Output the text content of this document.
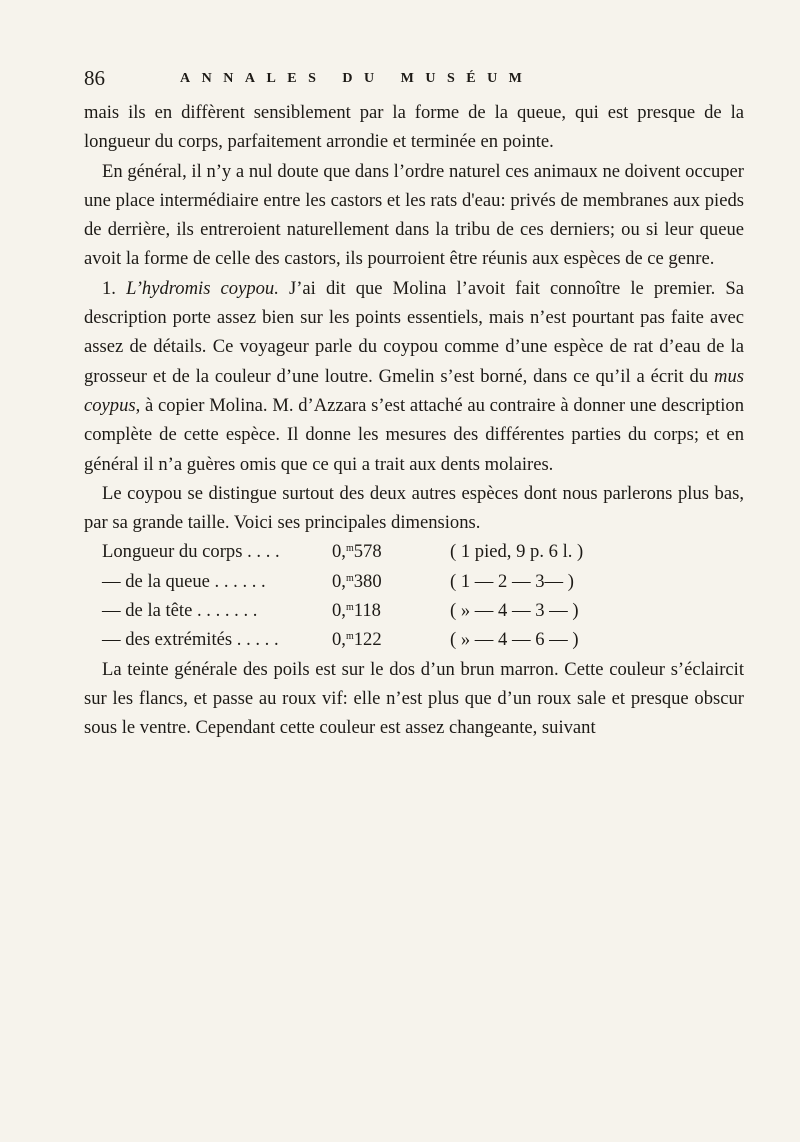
86	ANNALES DU MUSÉUM

mais ils en diffèrent sensiblement par la forme de la queue, qui est presque de la longueur du corps, parfaitement arrondie et terminée en pointe.

En général, il n’y a nul doute que dans l’ordre naturel ces animaux ne doivent occuper une place intermédiaire entre les castors et les rats d'eau: privés de membranes aux pieds de derrière, ils entreroient naturellement dans la tribu de ces derniers; ou si leur queue avoit la forme de celle des castors, ils pourroient être réunis aux espèces de ce genre.

1. L’hydromis coypou. J’ai dit que Molina l’avoit fait connoître le premier. Sa description porte assez bien sur les points essentiels, mais n’est pourtant pas faite avec assez de détails. Ce voyageur parle du coypou comme d’une espèce de rat d’eau de la grosseur et de la couleur d’une loutre. Gmelin s’est borné, dans ce qu’il a écrit du mus coypus, à copier Molina. M. d’Azzara s’est attaché au contraire à donner une description complète de cette espèce. Il donne les mesures des différentes parties du corps; et en général il n’a guères omis que ce qui a trait aux dents molaires.

Le coypou se distingue surtout des deux autres espèces dont nous parlerons plus bas, par sa grande taille. Voici ses principales dimensions.

Longueur du corps . . . .	0,$^m$578	( 1 pied, 9 p. 6 l. )
— de la queue . . . . . .	0,$^m$380	( 1 — 2 — 3— )
— de la tête . . . . . . .	0,$^m$118	( » — 4 — 3 — )
— des extrémités . . . . .	0,$^m$122	( » — 4 — 6 — )

La teinte générale des poils est sur le dos d’un brun marron. Cette couleur s’éclaircit sur les flancs, et passe au roux vif: elle n’est plus que d’un roux sale et presque obscur sous le ventre. Cependant cette couleur est assez changeante, suivant
